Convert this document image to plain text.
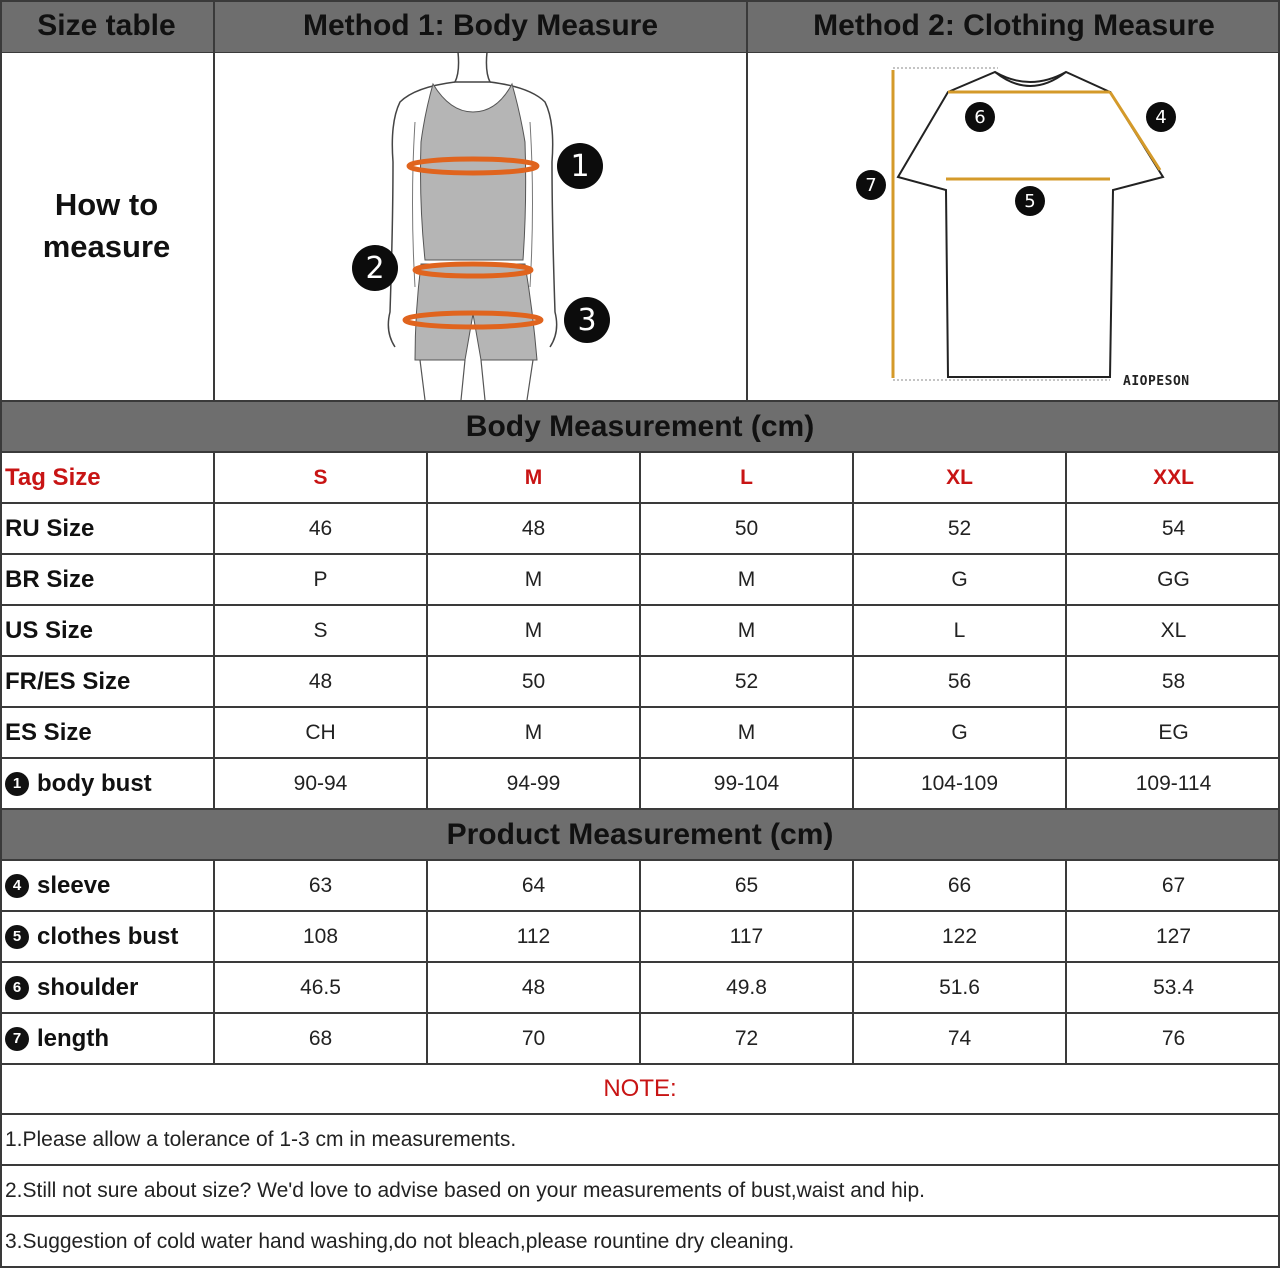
Size table	Method 1: Body Measure	Method 2: Clothing Measure
How to
measure
1
2
3
4
5
6
7
AIOPESON
Body Measurement (cm)
Tag Size	S	M	L	XL	XXL
RU Size	46	48	50	52	54
BR Size	P	M	M	G	GG
US Size	S	M	M	L	XL
FR/ES Size	48	50	52	56	58
ES Size	CH	M	M	G	EG
1 body bust	90-94	94-99	99-104	104-109	109-114
Product Measurement (cm)
4 sleeve	63	64	65	66	67
5 clothes bust	108	112	117	122	127
6 shoulder	46.5	48	49.8	51.6	53.4
7 length	68	70	72	74	76
NOTE:
1.Please allow a tolerance of 1-3 cm in measurements.
2.Still not sure about size? We'd love to advise based on your measurements of bust,waist and hip.
3.Suggestion of cold water hand washing,do not bleach,please rountine dry cleaning.
